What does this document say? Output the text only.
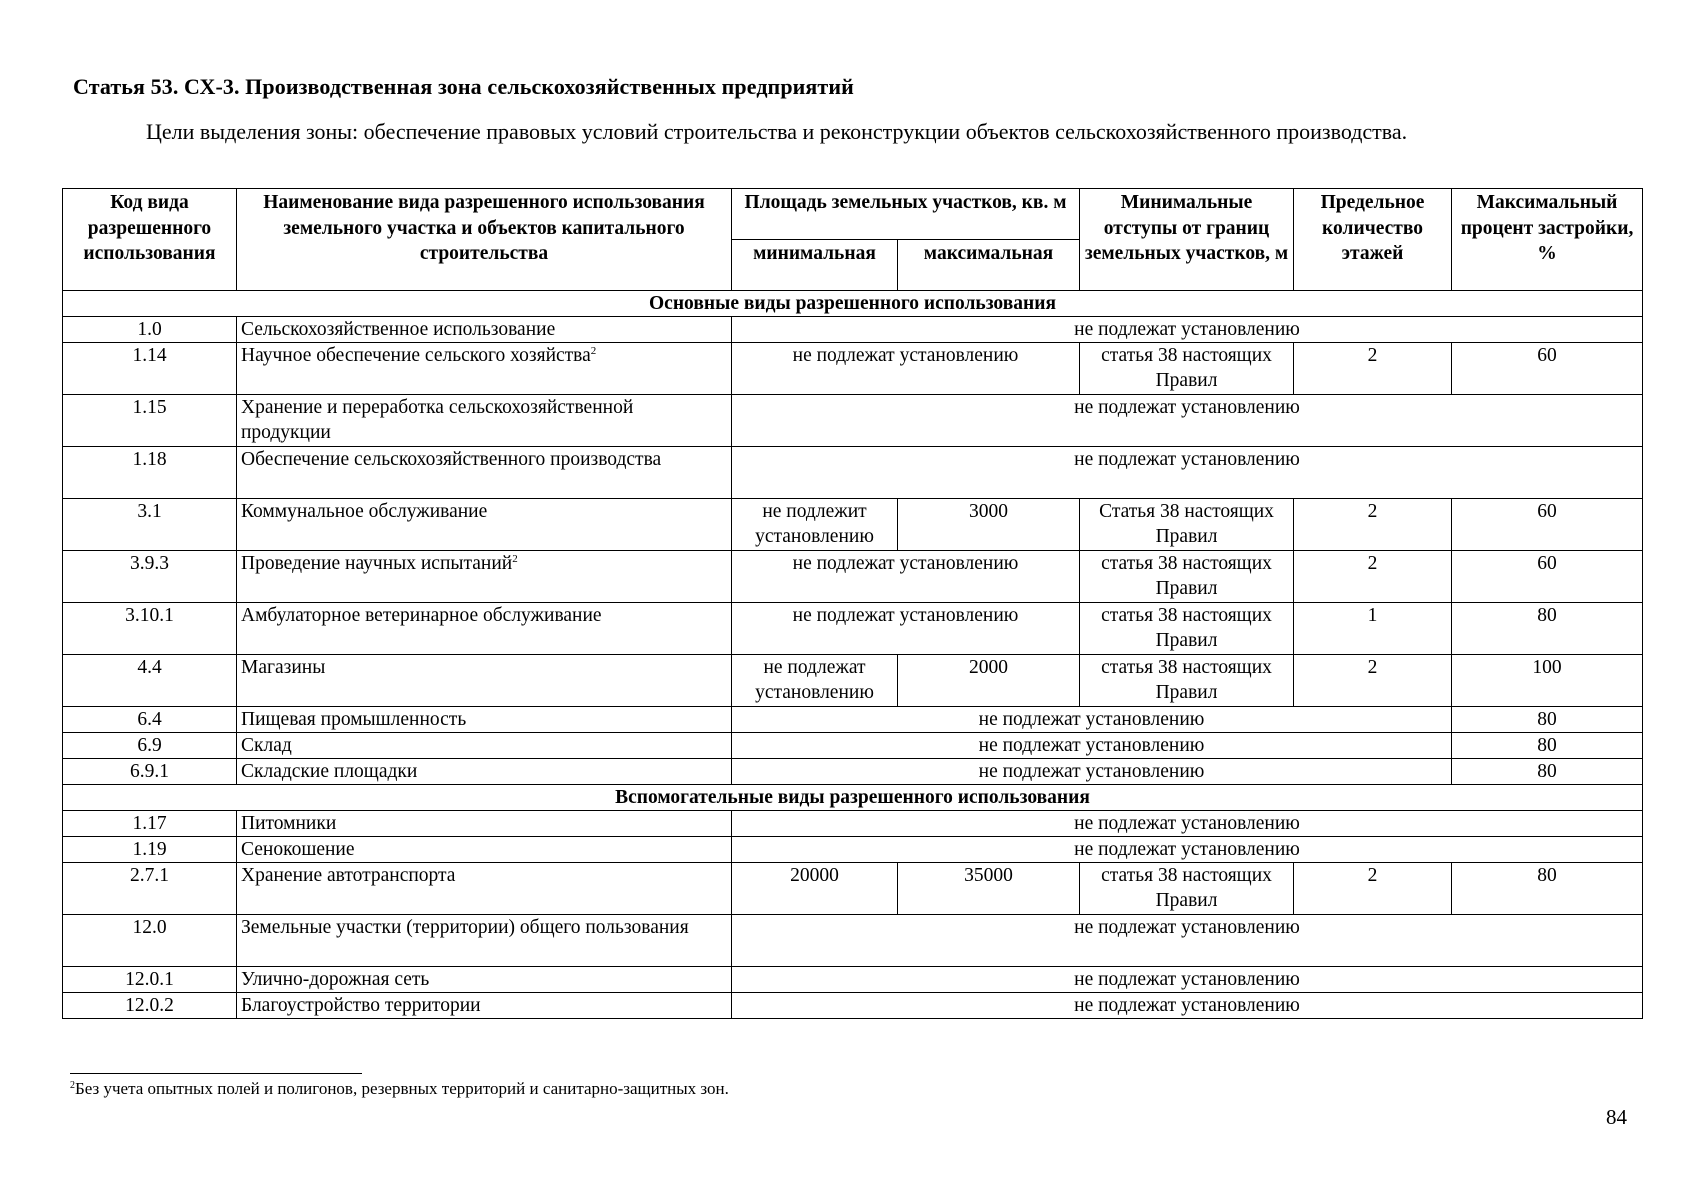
Статья 53. СХ-3. Производственная зона сельскохозяйственных предприятий

Цели выделения зоны: обеспечение правовых условий строительства и реконструкции объектов сельскохозяйственного производства.

Код вида разрешенного использования	Наименование вида разрешенного использования земельного участка и объектов капитального строительства	Площадь земельных участков, кв. м		Минимальные отступы от границ земельных участков, м	Предельное количество этажей	Максимальный процент застройки, %
		минимальная	максимальная			
Основные виды разрешенного использования						
1.0	Сельскохозяйственное использование	не подлежат установлению				
1.14	Научное обеспечение сельского хозяйства$^2$	не подлежат установлению		статья 38 настоящих Правил	2	60
1.15	Хранение и переработка сельскохозяйственной продукции	не подлежат установлению				
1.18	Обеспечение сельскохозяйственного производства	не подлежат установлению				
3.1	Коммунальное обслуживание	не подлежит установлению	3000	Статья 38 настоящих Правил	2	60
3.9.3	Проведение научных испытаний$^2$	не подлежат установлению		статья 38 настоящих Правил	2	60
3.10.1	Амбулаторное ветеринарное обслуживание	не подлежат установлению		статья 38 настоящих Правил	1	80
4.4	Магазины	не подлежат установлению	2000	статья 38 настоящих Правил	2	100
6.4	Пищевая промышленность	не подлежат установлению				80
6.9	Склад	не подлежат установлению				80
6.9.1	Складские площадки	не подлежат установлению				80
Вспомогательные виды разрешенного использования						
1.17	Питомники	не подлежат установлению				
1.19	Сенокошение	не подлежат установлению				
2.7.1	Хранение автотранспорта	20000	35000	статья 38 настоящих Правил	2	80
12.0	Земельные участки (территории) общего пользования	не подлежат установлению				
12.0.1	Улично-дорожная сеть	не подлежат установлению				
12.0.2	Благоустройство территории	не подлежат установлению				

$^2$Без учета опытных полей и полигонов, резервных территорий и санитарно-защитных зон.

84
